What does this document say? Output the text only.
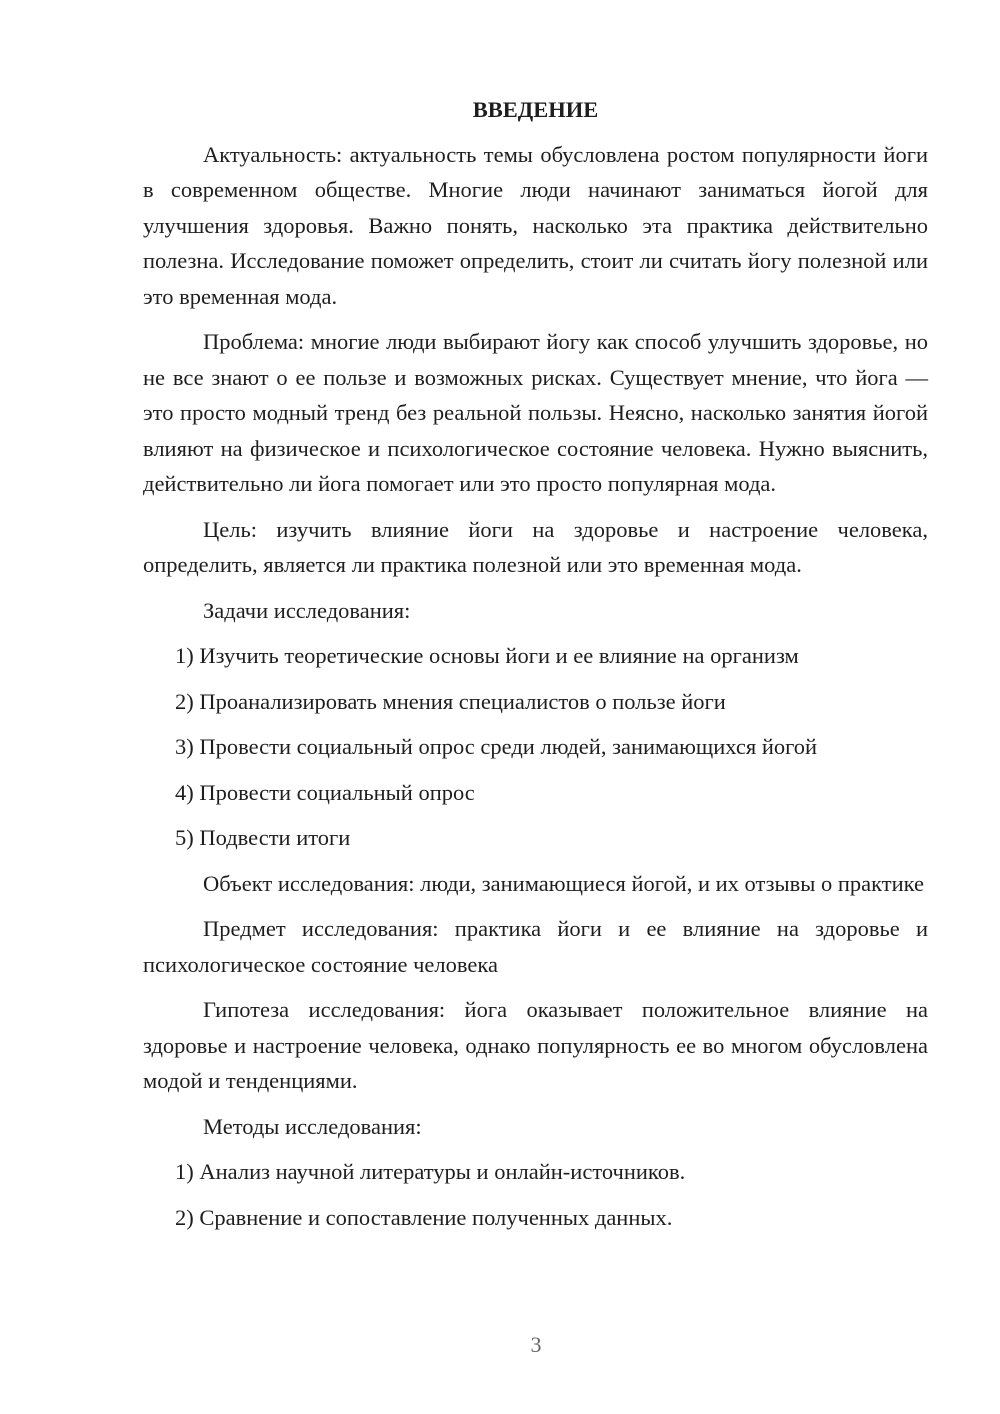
ВВЕДЕНИЕ

Актуальность: актуальность темы обусловлена ростом популярности йоги в современном обществе. Многие люди начинают заниматься йогой для улучшения здоровья. Важно понять, насколько эта практика действительно полезна. Исследование поможет определить, стоит ли считать йогу полезной или это временная мода.

Проблема: многие люди выбирают йогу как способ улучшить здоровье, но не все знают о ее пользе и возможных рисках. Существует мнение, что йога — это просто модный тренд без реальной пользы. Неясно, насколько занятия йогой влияют на физическое и психологическое состояние человека. Нужно выяснить, действительно ли йога помогает или это просто популярная мода.

Цель: изучить влияние йоги на здоровье и настроение человека, определить, является ли практика полезной или это временная мода.

Задачи исследования:

1) Изучить теоретические основы йоги и ее влияние на организм

2) Проанализировать мнения специалистов о пользе йоги

3) Провести социальный опрос среди людей, занимающихся йогой

4) Провести социальный опрос

5) Подвести итоги

Объект исследования: люди, занимающиеся йогой, и их отзывы о практике

Предмет исследования: практика йоги и ее влияние на здоровье и психологическое состояние человека

Гипотеза исследования: йога оказывает положительное влияние на здоровье и настроение человека, однако популярность ее во многом обусловлена модой и тенденциями.

Методы исследования:

1) Анализ научной литературы и онлайн-источников.

2) Сравнение и сопоставление полученных данных.

3
